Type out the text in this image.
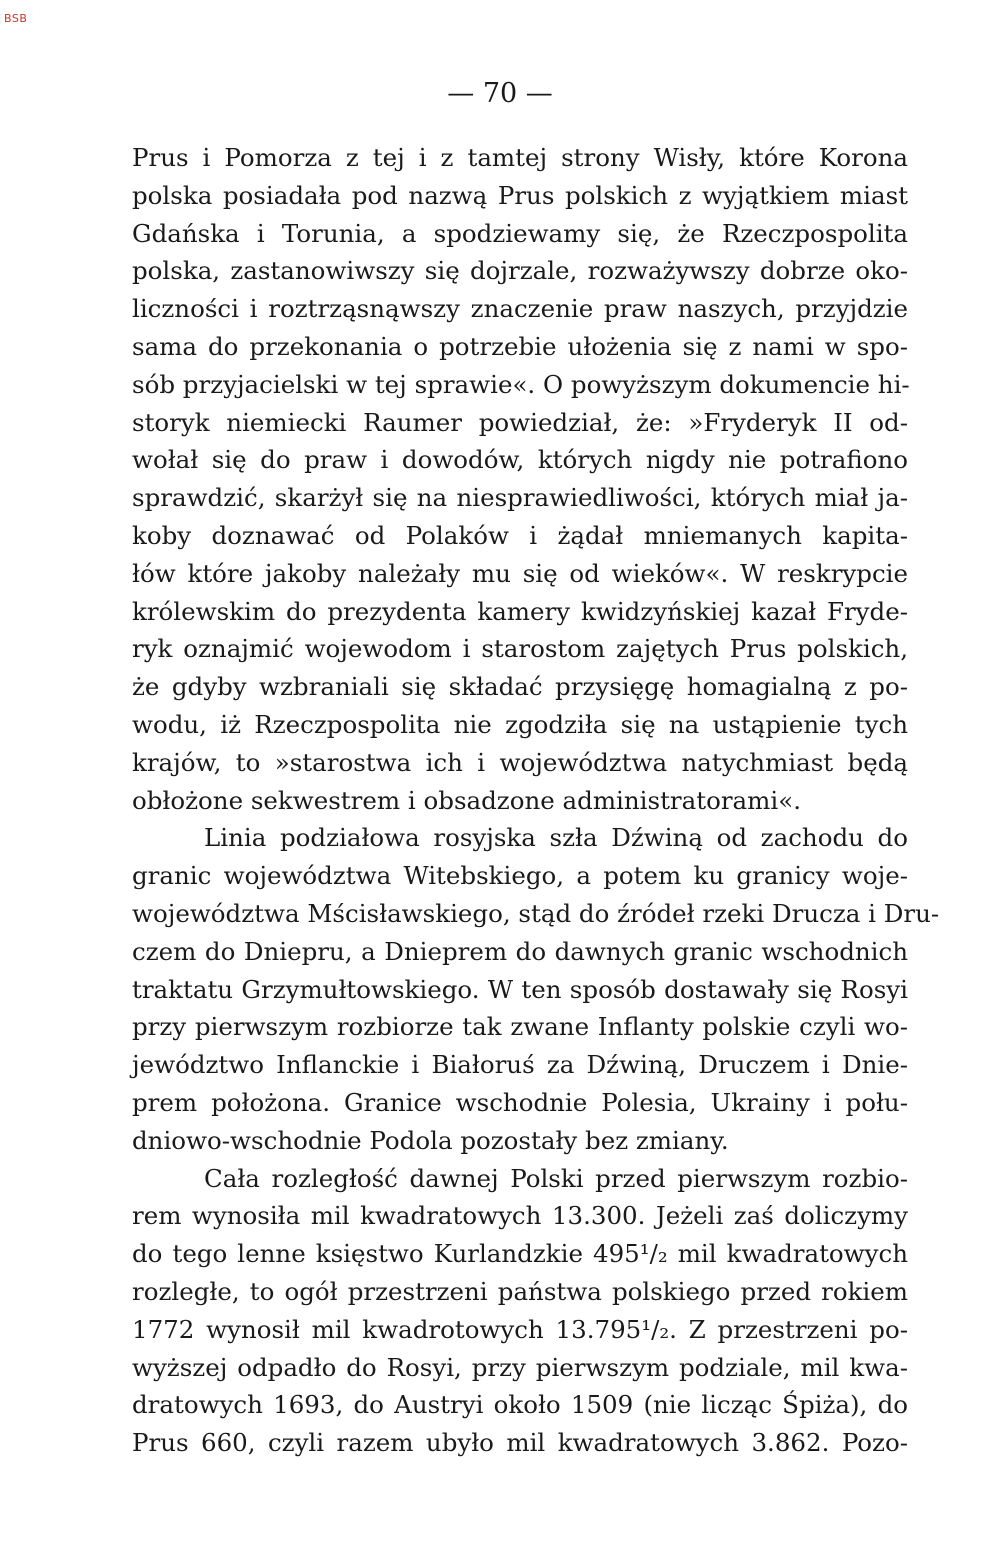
BSB
— 70 —
Prus i Pomorza z tej i z tamtej strony Wisły, które Korona
polska posiadała pod nazwą Prus polskich z wyjątkiem miast
Gdańska i Torunia, a spodziewamy się, że Rzeczpospolita
polska, zastanowiwszy się dojrzale, rozważywszy dobrze oko-
liczności i roztrząsnąwszy znaczenie praw naszych, przyjdzie
sama do przekonania o potrzebie ułożenia się z nami w spo-
sób przyjacielski w tej sprawie«. O powyższym dokumencie hi-
storyk niemiecki Raumer powiedział, że: »Fryderyk II od-
wołał się do praw i dowodów, których nigdy nie potrafiono
sprawdzić, skarżył się na niesprawiedliwości, których miał ja-
koby doznawać od Polaków i żądał mniemanych kapita-
łów które jakoby należały mu się od wieków«. W reskrypcie
królewskim do prezydenta kamery kwidzyńskiej kazał Fryde-
ryk oznajmić wojewodom i starostom zajętych Prus polskich,
że gdyby wzbraniali się składać przysięgę homagialną z po-
wodu, iż Rzeczpospolita nie zgodziła się na ustąpienie tych
krajów, to »starostwa ich i województwa natychmiast będą
obłożone sekwestrem i obsadzone administratorami«.
Linia podziałowa rosyjska szła Dźwiną od zachodu do
granic województwa Witebskiego, a potem ku granicy woje-
województwa Mścisławskiego, stąd do źródeł rzeki Drucza i Dru-
czem do Dniepru, a Dnieprem do dawnych granic wschodnich
traktatu Grzymułtowskiego. W ten sposób dostawały się Rosyi
przy pierwszym rozbiorze tak zwane Inflanty polskie czyli wo-
jewództwo Inflanckie i Białoruś za Dźwiną, Druczem i Dnie-
prem położona. Granice wschodnie Polesia, Ukrainy i połu-
dniowo-wschodnie Podola pozostały bez zmiany.
Cała rozległość dawnej Polski przed pierwszym rozbio-
rem wynosiła mil kwadratowych 13.300. Jeżeli zaś doliczymy
do tego lenne księstwo Kurlandzkie 495¹/₂ mil kwadratowych
rozległe, to ogół przestrzeni państwa polskiego przed rokiem
1772 wynosił mil kwadrotowych 13.795¹/₂. Z przestrzeni po-
wyższej odpadło do Rosyi, przy pierwszym podziale, mil kwa-
dratowych 1693, do Austryi około 1509 (nie licząc Śpiża), do
Prus 660, czyli razem ubyło mil kwadratowych 3.862. Pozo-
